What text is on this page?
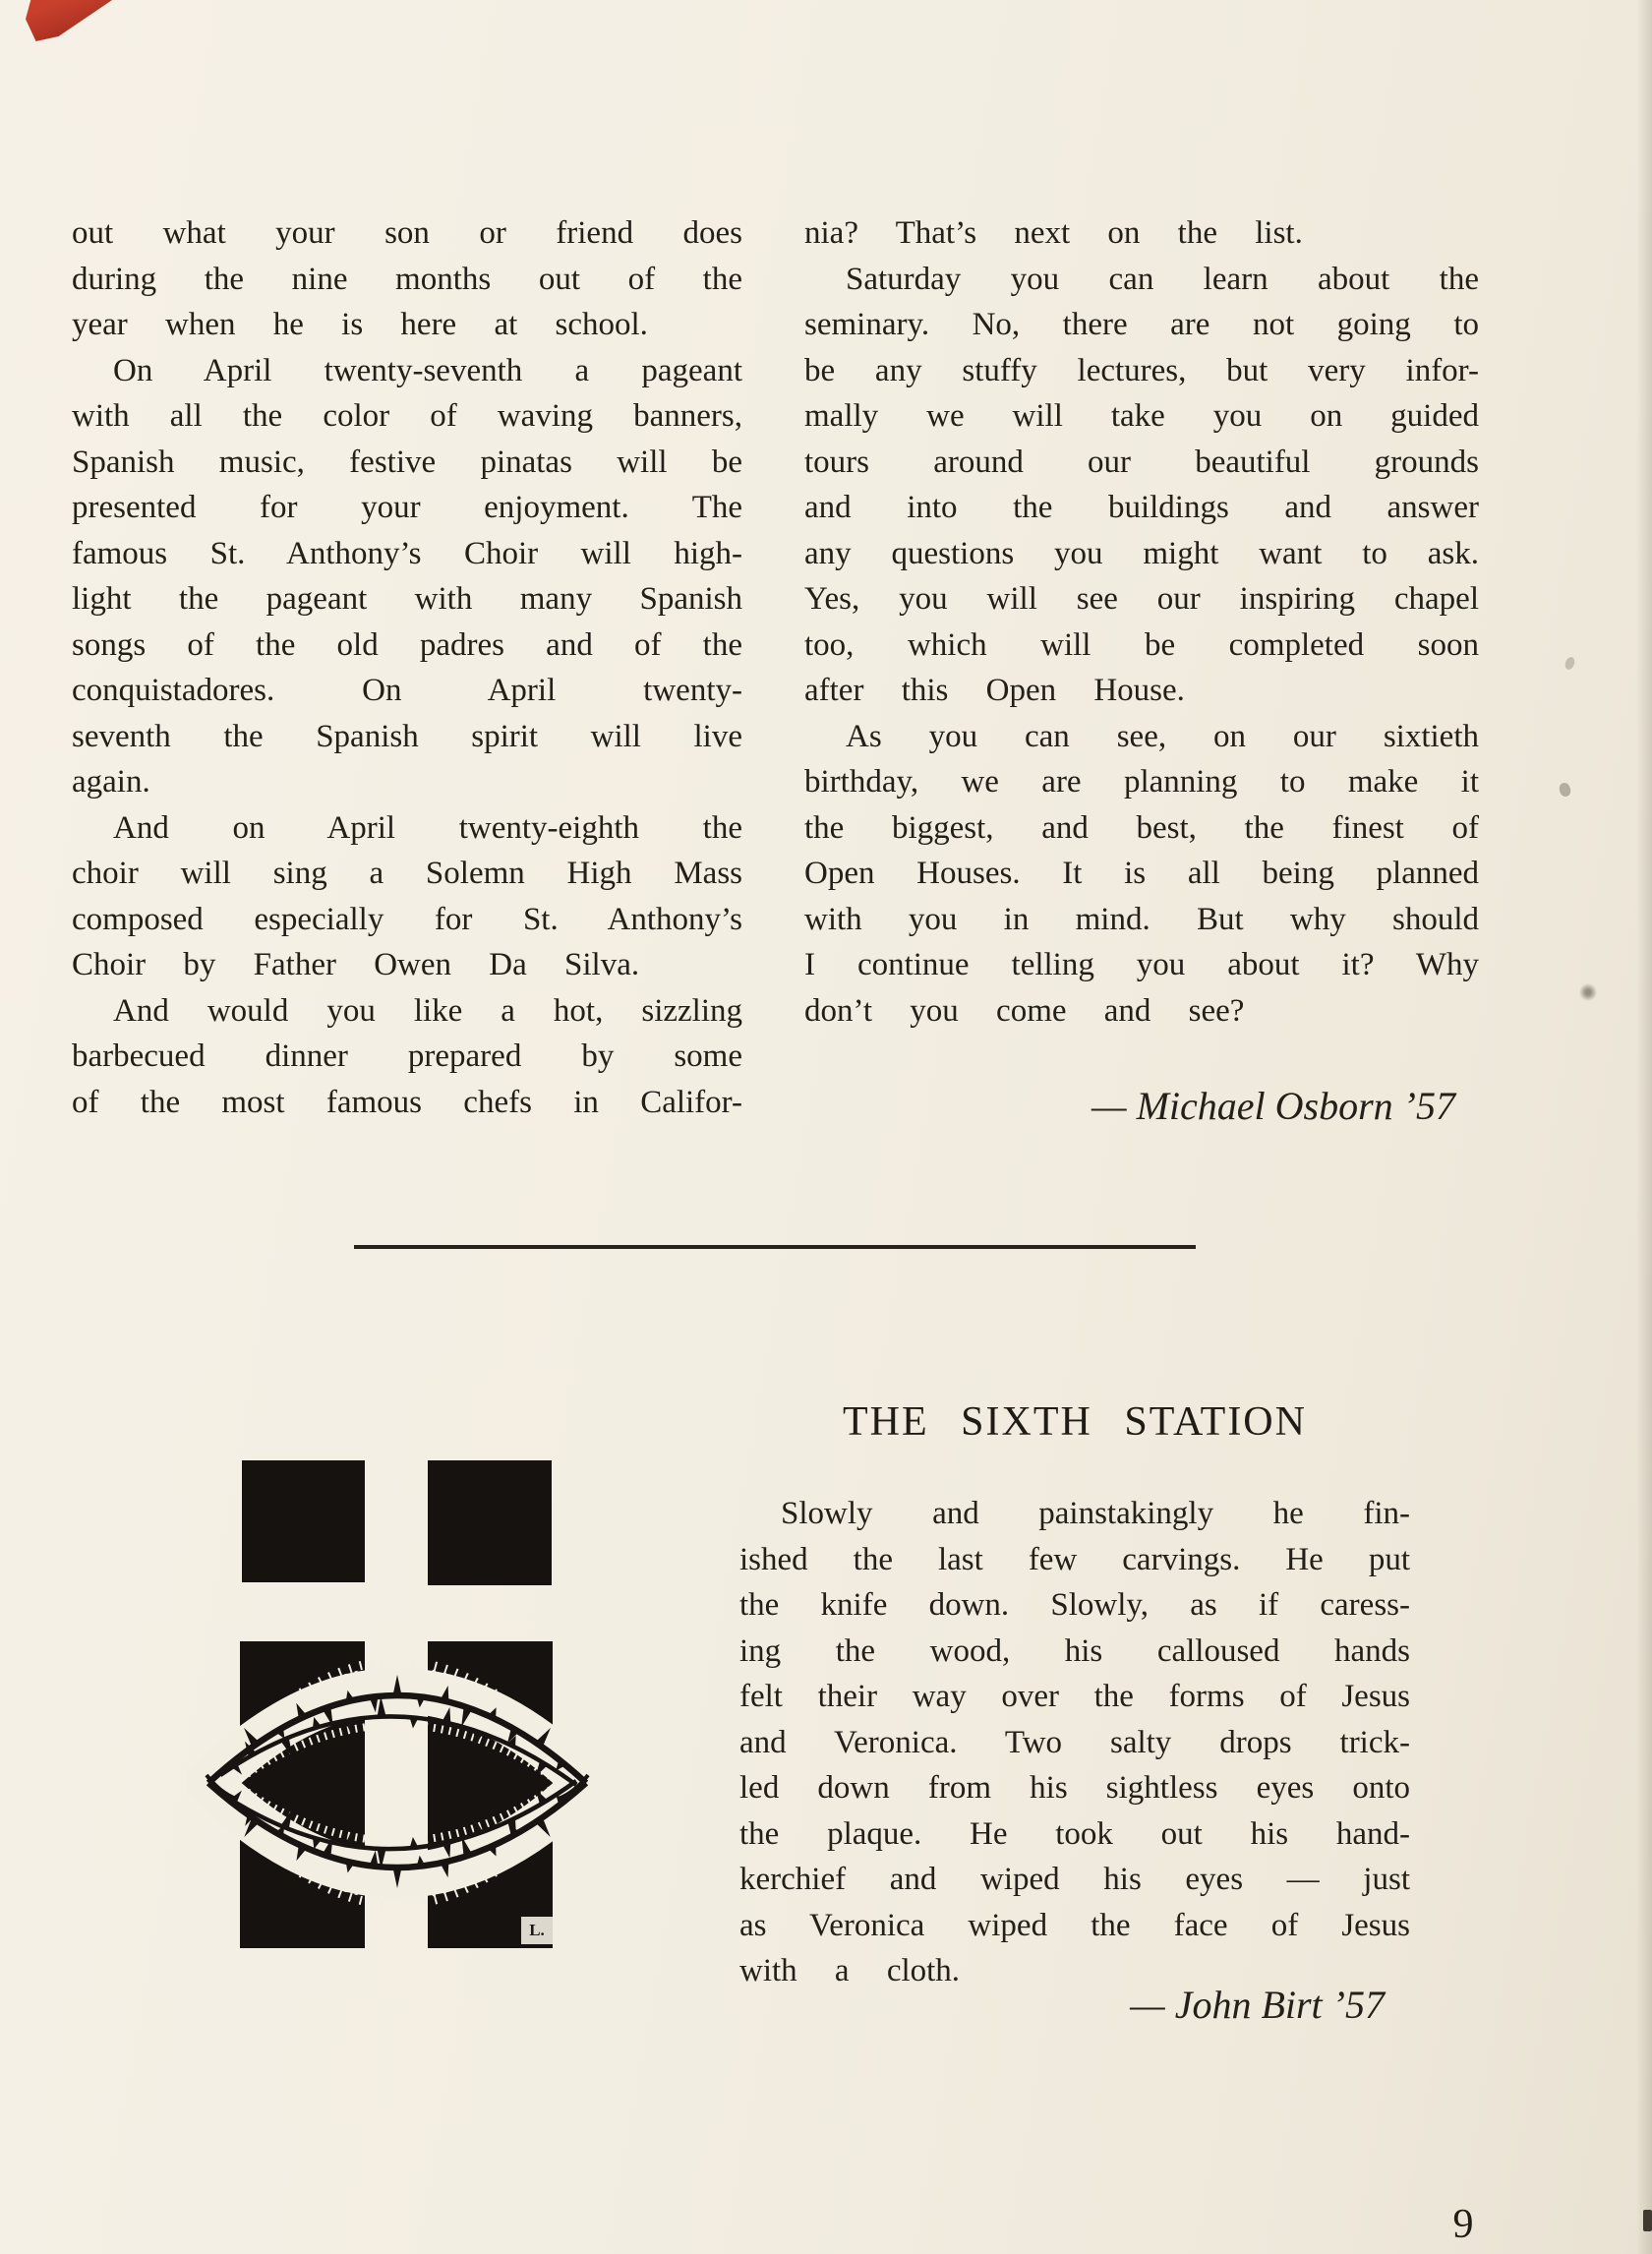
out what your son or friend does
during the nine months out of the
year when he is here at school.
On April twenty-seventh a pageant
with all the color of waving banners,
Spanish music, festive pinatas will be
presented for your enjoyment. The
famous St. Anthony’s Choir will high-
light the pageant with many Spanish
songs of the old padres and of the
conquistadores. On April twenty-
seventh the Spanish spirit will live
again.
And on April twenty-eighth the
choir will sing a Solemn High Mass
composed especially for St. Anthony’s
Choir by Father Owen Da Silva.
And would you like a hot, sizzling
barbecued dinner prepared by some
of the most famous chefs in Califor-
nia? That’s next on the list.
Saturday you can learn about the
seminary. No, there are not going to
be any stuffy lectures, but very infor-
mally we will take you on guided
tours around our beautiful grounds
and into the buildings and answer
any questions you might want to ask.
Yes, you will see our inspiring chapel
too, which will be completed soon
after this Open House.
As you can see, on our sixtieth
birthday, we are planning to make it
the biggest, and best, the finest of
Open Houses. It is all being planned
with you in mind. But why should
I continue telling you about it? Why
don’t you come and see?
— Michael Osborn ’57
L.
THE SIXTH STATION
Slowly and painstakingly he fin-
ished the last few carvings. He put
the knife down. Slowly, as if caress-
ing the wood, his calloused hands
felt their way over the forms of Jesus
and Veronica. Two salty drops trick-
led down from his sightless eyes onto
the plaque. He took out his hand-
kerchief and wiped his eyes — just
as Veronica wiped the face of Jesus
with a cloth.
— John Birt ’57
9
